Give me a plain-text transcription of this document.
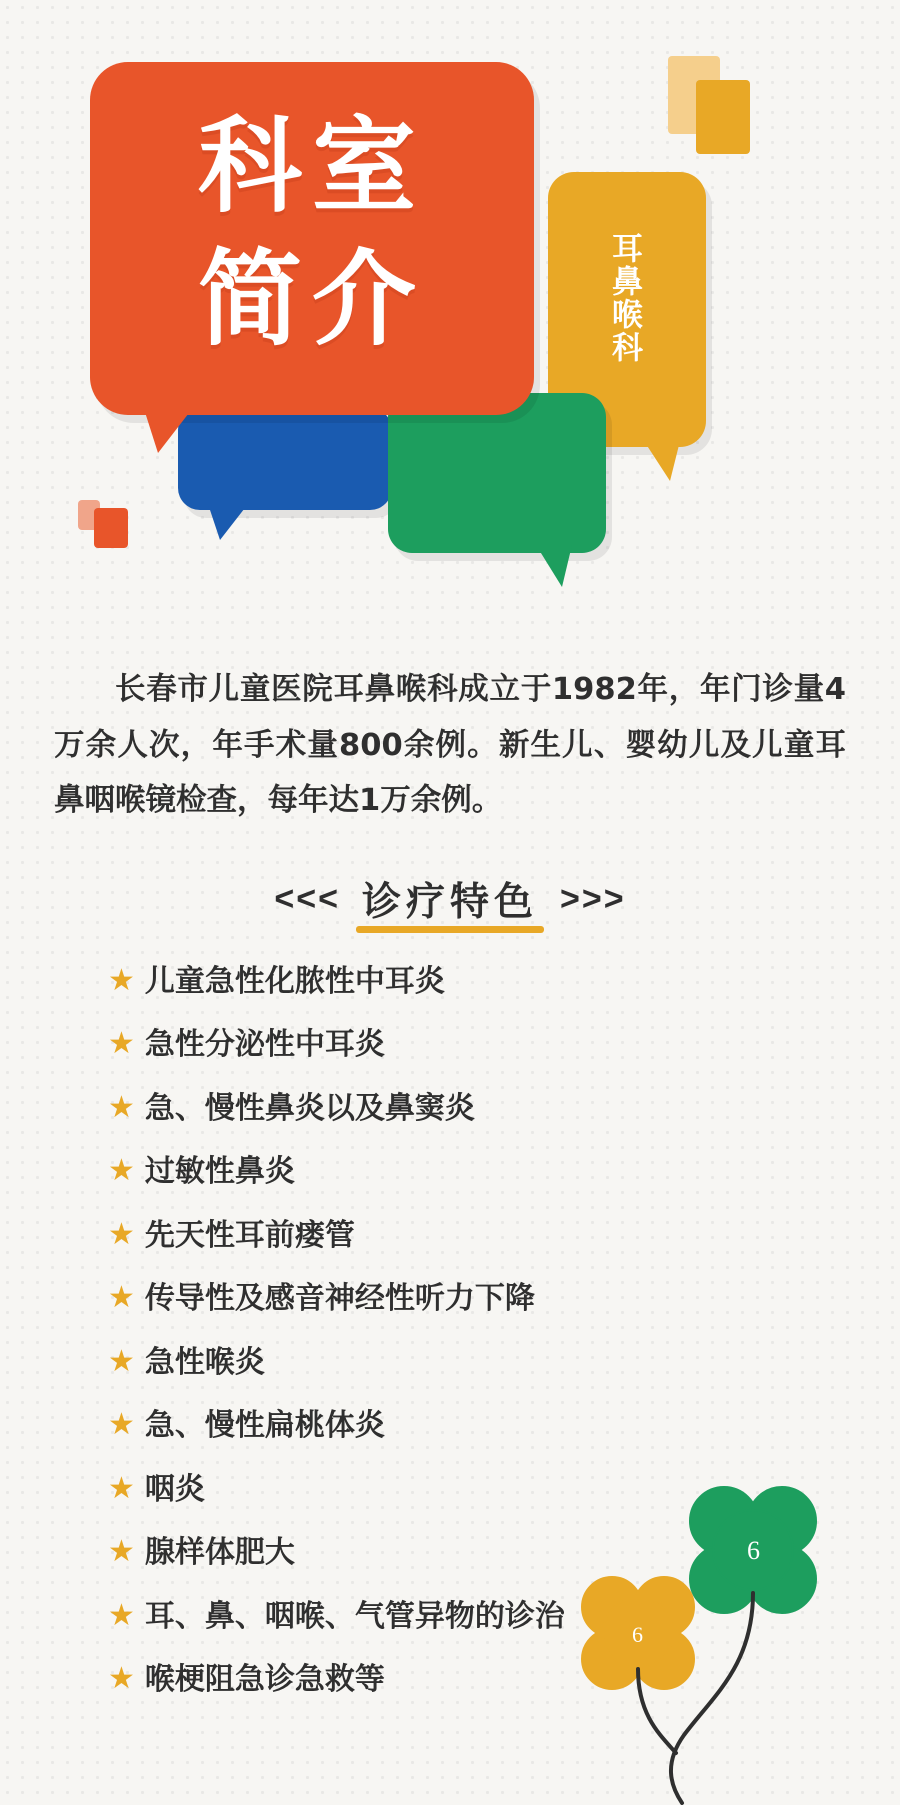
耳鼻喉科
科室
简介

长春市儿童医院耳鼻喉科成立于1982年，年门诊量4万余人次，年手术量800余例。新生儿、婴幼儿及儿童耳鼻咽喉镜检查，每年达1万余例。

<<< 诊疗特色 >>>
★ 儿童急性化脓性中耳炎
★ 急性分泌性中耳炎
★ 急、慢性鼻炎以及鼻窦炎
★ 过敏性鼻炎
★ 先天性耳前瘘管
★ 传导性及感音神经性听力下降
★ 急性喉炎
★ 急、慢性扁桃体炎
★ 咽炎
★ 腺样体肥大
★ 耳、鼻、咽喉、气管异物的诊治
★ 喉梗阻急诊急救等
6
6
